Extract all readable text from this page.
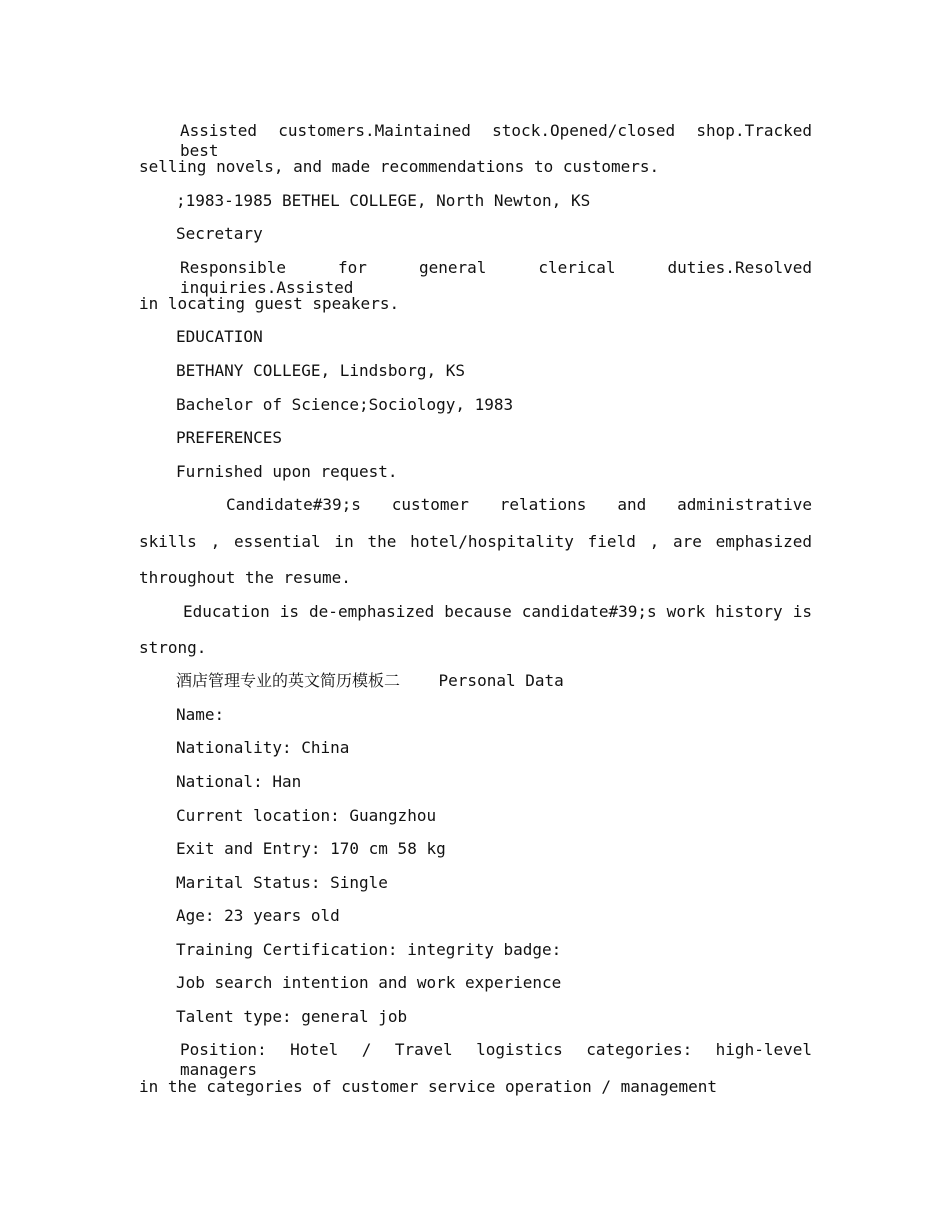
Assisted customers.Maintained stock.Opened/closed shop.Tracked best
selling novels, and made recommendations to customers.
;1983-1985 BETHEL COLLEGE, North Newton, KS
Secretary
Responsible for general clerical duties.Resolved inquiries.Assisted
in locating guest speakers.
EDUCATION
BETHANY COLLEGE, Lindsborg, KS
Bachelor of Science;Sociology, 1983
PREFERENCES
Furnished upon request.
Candidate#39;s customer relations and administrative
skills , essential in the hotel/hospitality field , are emphasized
throughout the resume.
Education is de-emphasized because candidate#39;s work history is
strong.
酒店管理专业的英文简历模板二    Personal Data
Name:
Nationality: China
National: Han
Current location: Guangzhou
Exit and Entry: 170 cm 58 kg
Marital Status: Single
Age: 23 years old
Training Certification: integrity badge:
Job search intention and work experience
Talent type: general job
Position: Hotel / Travel logistics categories: high-level managers
in the categories of customer service operation / management
